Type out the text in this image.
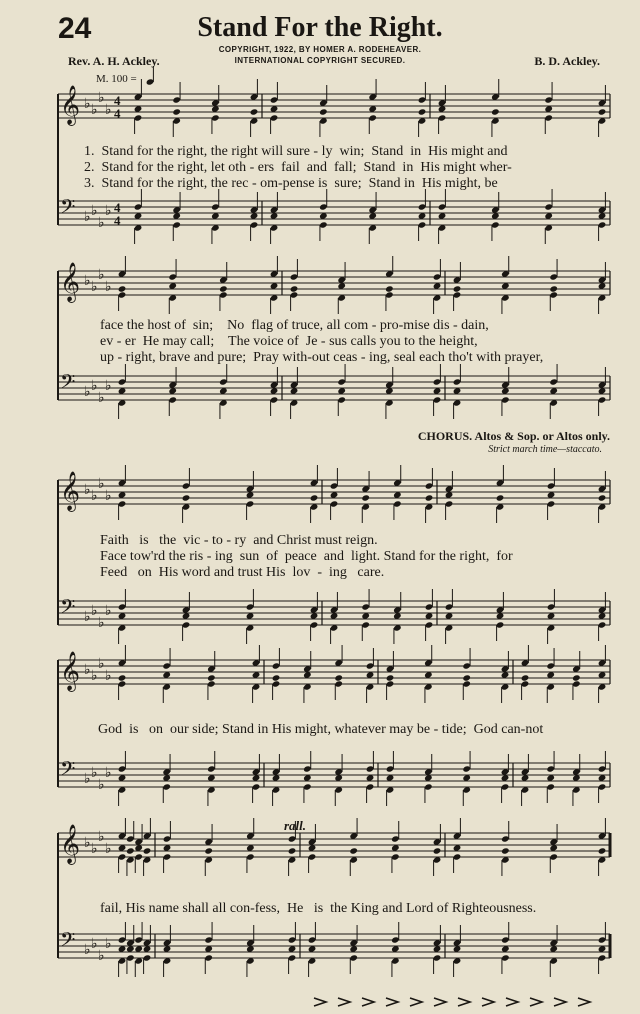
24	Stand For the Right.
COPYRIGHT, 1922, BY HOMER A. RODEHEAVER.
INTERNATIONAL COPYRIGHT SECURED.
Rev. A. H. Ackley.	B. D. Ackley.
M. 100 =
𝄞 ♭ ♭
♭
♭
4
4
𝄢 ♭ ♭
♭
♭ 4
4
𝄞 ♭ ♭
♭
♭
𝄢 ♭ ♭
♭
♭
𝄞 ♭ ♭
♭
♭
𝄢 ♭ ♭
♭
♭
𝄞 ♭ ♭
♭
♭
𝄢 ♭ ♭
♭
♭
𝄞 ♭ ♭
♭
♭
𝄢 ♭ ♭
♭
♭
1.  Stand for the right, the right will sure - ly  win;  Stand  in  His might and
2.  Stand for the right, let oth - ers  fail  and  fall;  Stand  in  His might wher-
3.  Stand for the right, the rec - om-pense is  sure;  Stand in  His might, be
face the host of  sin;    No  flag of truce, all com - pro-mise dis - dain,
ev - er  He may call;    The voice of  Je - sus calls you to the height,
up - right, brave and pure;  Pray with-out ceas - ing, seal each tho't with prayer,
CHORUS. Altos & Sop. or Altos only.
Strict march time—staccato.
Faith   is   the  vic - to - ry  and Christ must reign.
Face tow'rd the ris - ing  sun  of  peace  and  light. Stand for the right,  for
Feed   on  His word and trust His  lov  -  ing   care.
God  is   on  our side; Stand in His might, whatever may be - tide;  God can-not
fail, His name shall all con-fess,  He   is  the King and Lord of Righteousness.
rall.
